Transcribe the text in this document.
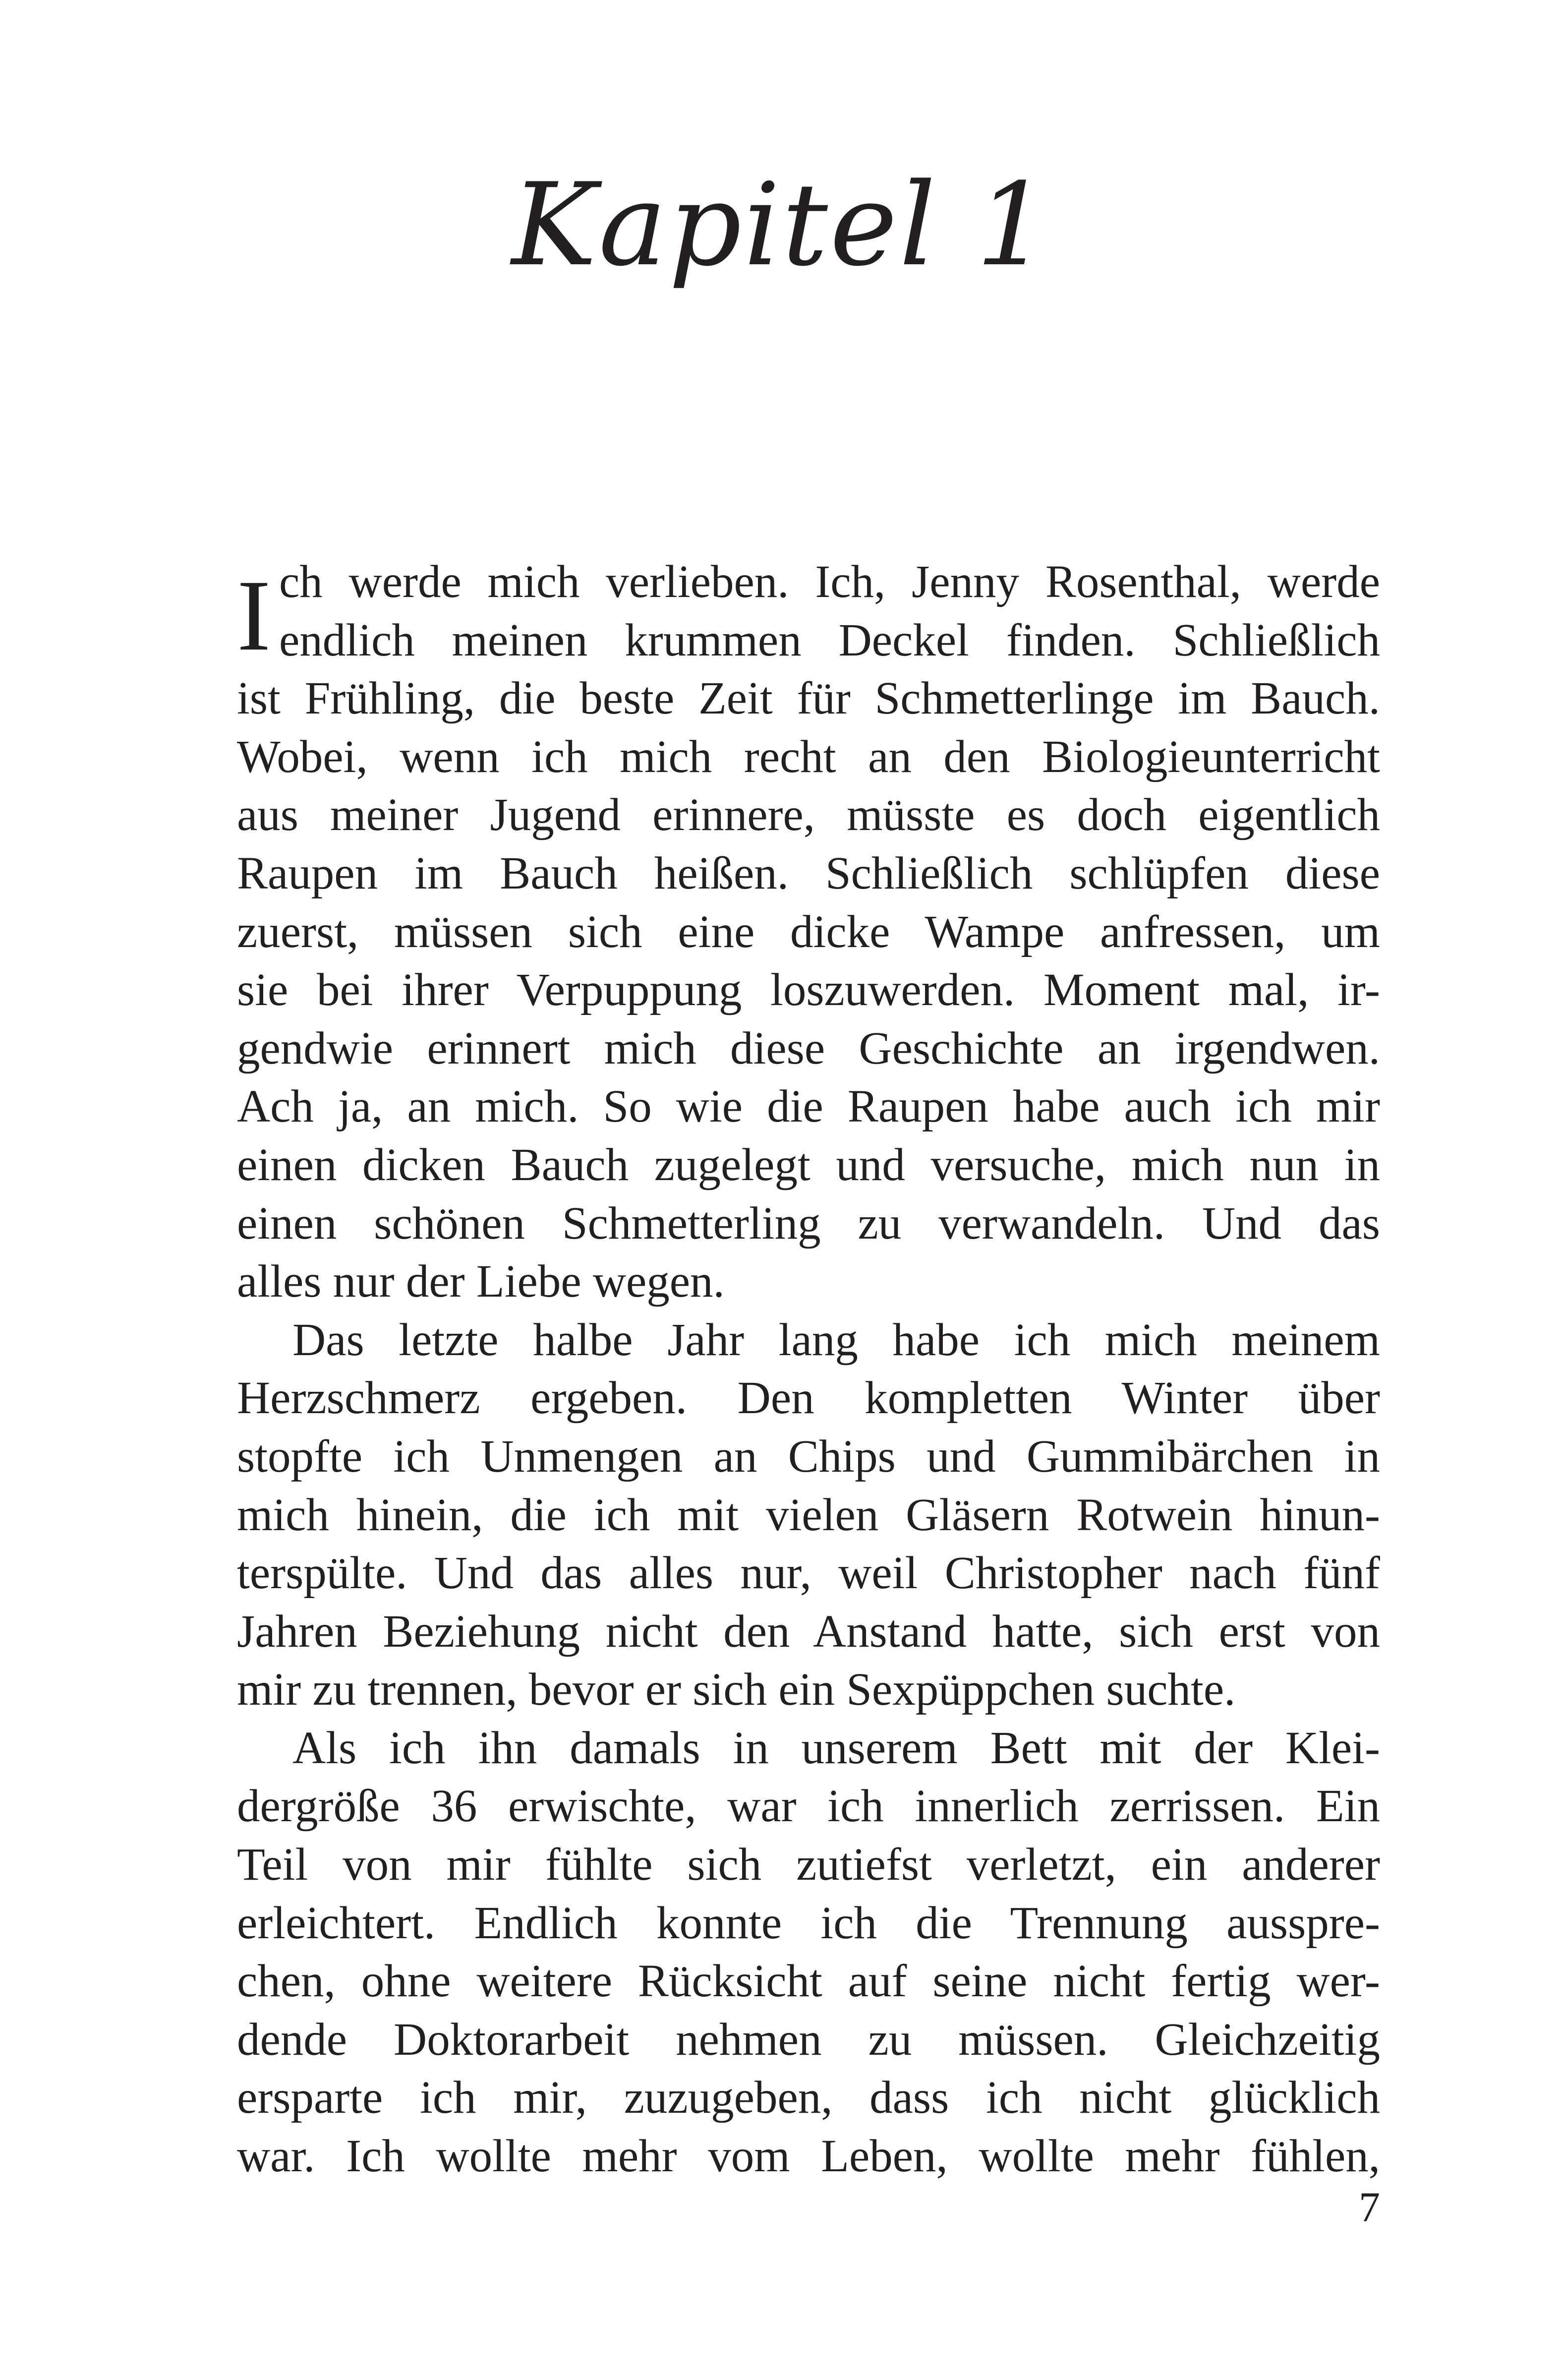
Kapitel 1
I ch werde mich verlieben. Ich, Jenny Rosenthal, werde
endlich meinen krummen Deckel finden. Schließlich
ist Frühling, die beste Zeit für Schmetterlinge im Bauch.
Wobei, wenn ich mich recht an den Biologieunterricht
aus meiner Jugend erinnere, müsste es doch eigentlich
Raupen im Bauch heißen. Schließlich schlüpfen diese
zuerst, müssen sich eine dicke Wampe anfressen, um
sie bei ihrer Verpuppung loszuwerden. Moment mal, ir-
gendwie erinnert mich diese Geschichte an irgendwen.
Ach ja, an mich. So wie die Raupen habe auch ich mir
einen dicken Bauch zugelegt und versuche, mich nun in
einen schönen Schmetterling zu verwandeln. Und das
alles nur der Liebe wegen.
Das letzte halbe Jahr lang habe ich mich meinem
Herzschmerz ergeben. Den kompletten Winter über
stopfte ich Unmengen an Chips und Gummibärchen in
mich hinein, die ich mit vielen Gläsern Rotwein hinun-
terspülte. Und das alles nur, weil Christopher nach fünf
Jahren Beziehung nicht den Anstand hatte, sich erst von
mir zu trennen, bevor er sich ein Sexpüppchen suchte.
Als ich ihn damals in unserem Bett mit der Klei-
dergröße 36 erwischte, war ich innerlich zerrissen. Ein
Teil von mir fühlte sich zutiefst verletzt, ein anderer
erleichtert. Endlich konnte ich die Trennung ausspre-
chen, ohne weitere Rücksicht auf seine nicht fertig wer-
dende Doktorarbeit nehmen zu müssen. Gleichzeitig
ersparte ich mir, zuzugeben, dass ich nicht glücklich
war. Ich wollte mehr vom Leben, wollte mehr fühlen,
7
